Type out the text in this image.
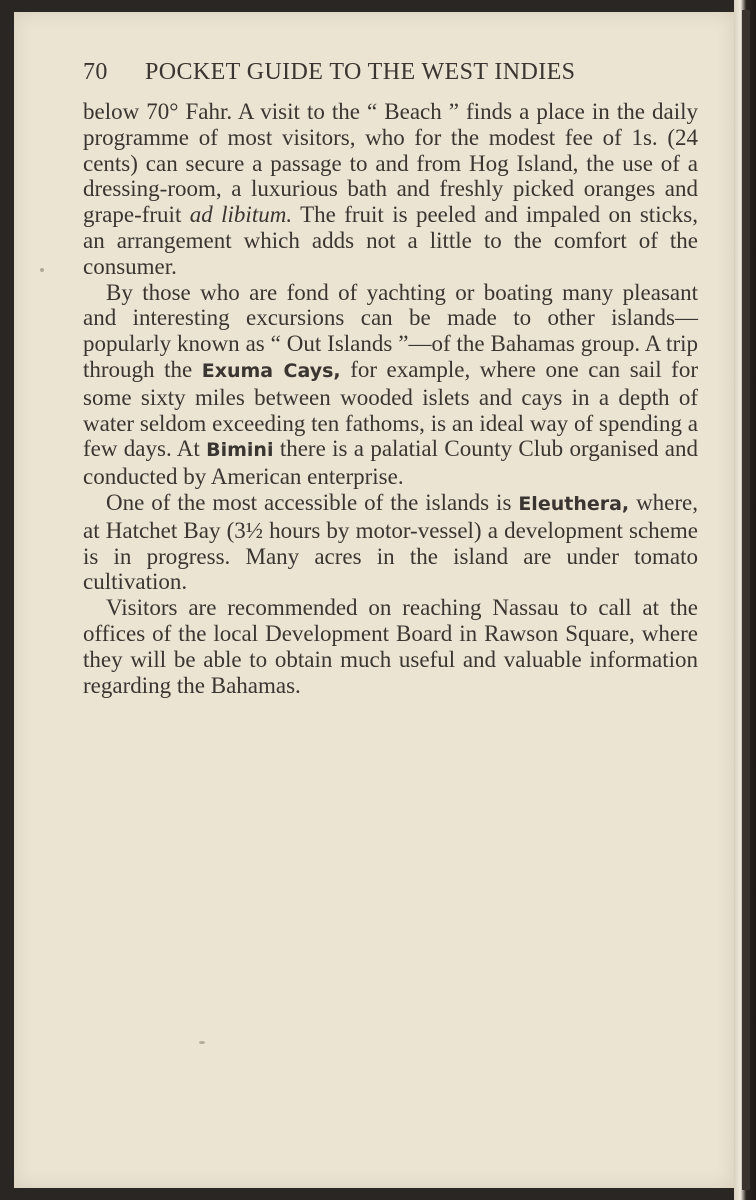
70 POCKET GUIDE TO THE WEST INDIES

below 70° Fahr. A visit to the “ Beach ” finds a place in the daily programme of most visitors, who for the modest fee of 1s. (24 cents) can secure a passage to and from Hog Island, the use of a dressing-room, a luxurious bath and freshly picked oranges and grape-fruit ad libitum. The fruit is peeled and impaled on sticks, an arrangement which adds not a little to the comfort of the consumer.

By those who are fond of yachting or boating many pleasant and interesting excursions can be made to other islands—popularly known as “ Out Islands ”—of the Bahamas group. A trip through the Exuma Cays, for example, where one can sail for some sixty miles between wooded islets and cays in a depth of water seldom exceeding ten fathoms, is an ideal way of spending a few days. At Bimini there is a palatial County Club organised and conducted by American enterprise.

One of the most accessible of the islands is Eleuthera, where, at Hatchet Bay (3½ hours by motor-vessel) a development scheme is in progress. Many acres in the island are under tomato cultivation.

Visitors are recommended on reaching Nassau to call at the offices of the local Development Board in Rawson Square, where they will be able to obtain much useful and valuable information regarding the Bahamas.
